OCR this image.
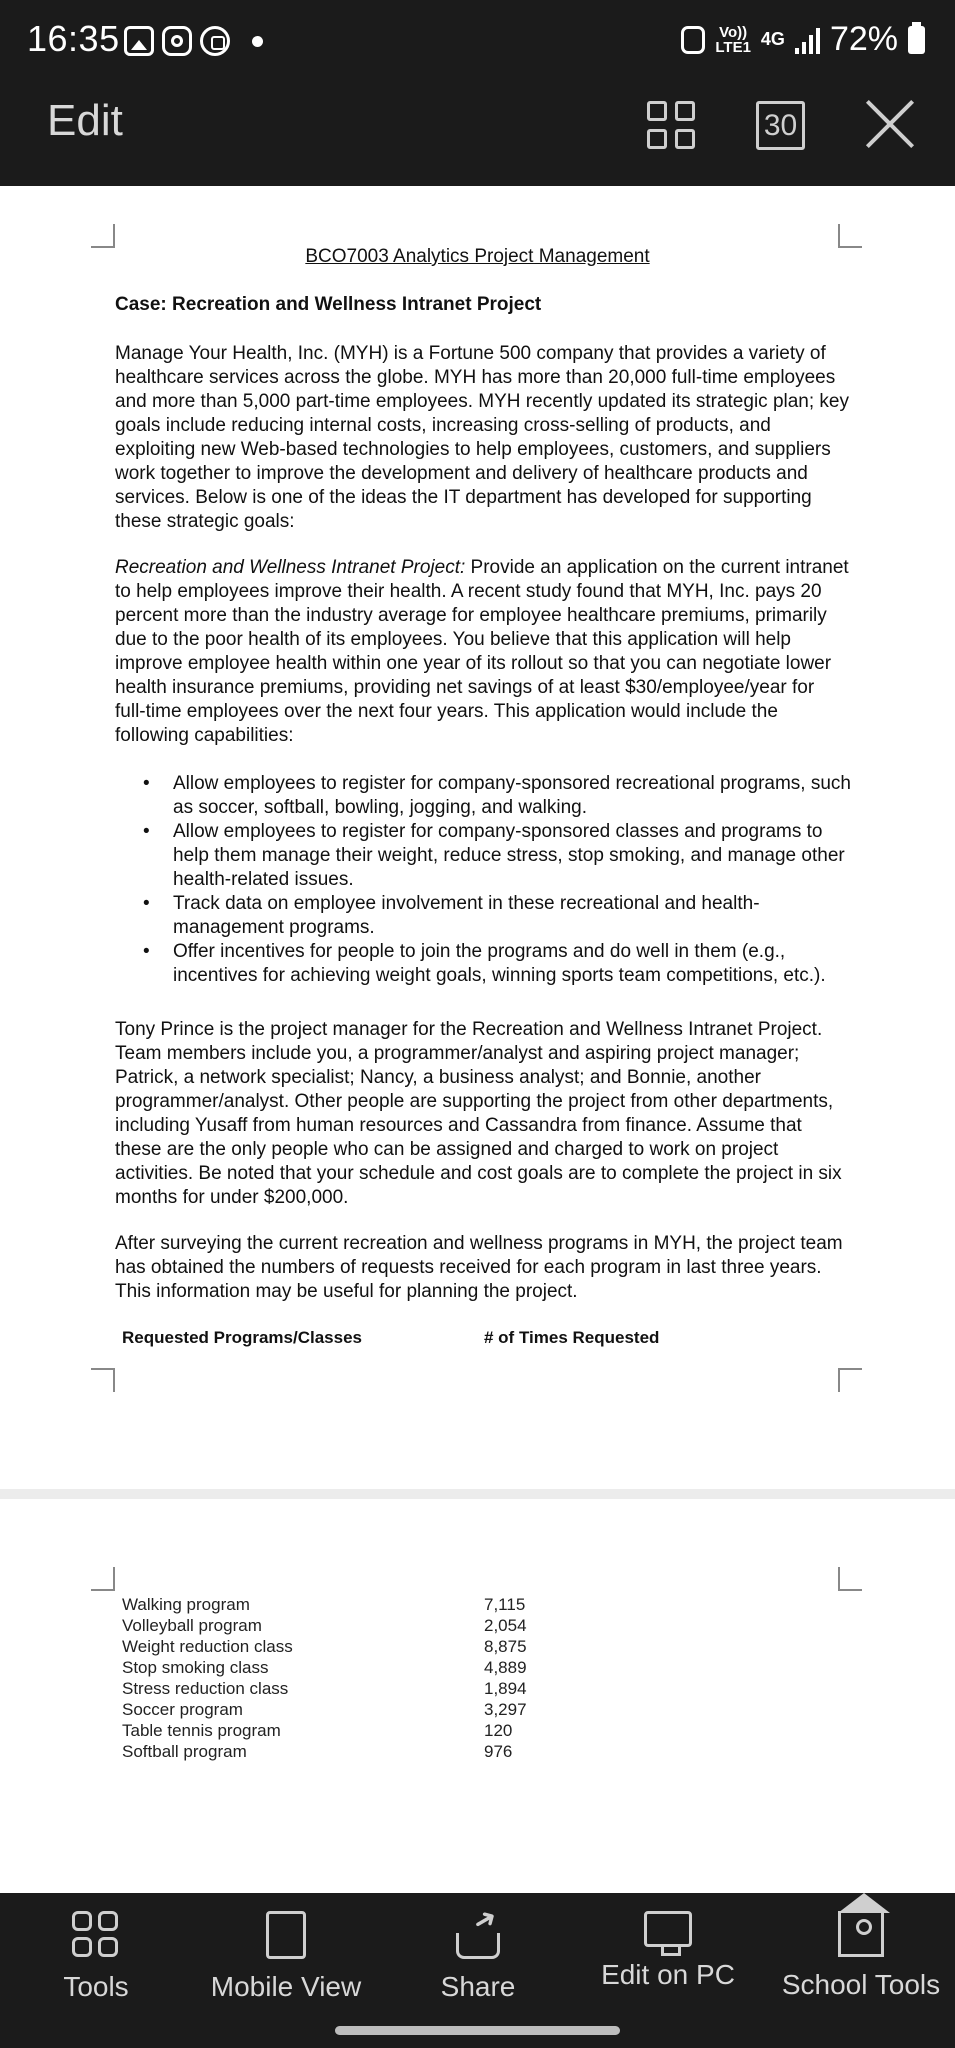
16:35	Vo))
LTE1 4G 72%
Edit	30
BCO7003 Analytics Project Management
Case: Recreation and Wellness Intranet Project
Manage Your Health, Inc. (MYH) is a Fortune 500 company that provides a variety of healthcare services across the globe. MYH has more than 20,000 full-time employees and more than 5,000 part-time employees. MYH recently updated its strategic plan; key goals include reducing internal costs, increasing cross-selling of products, and exploiting new Web-based technologies to help employees, customers, and suppliers work together to improve the development and delivery of healthcare products and services. Below is one of the ideas the IT department has developed for supporting these strategic goals:
Recreation and Wellness Intranet Project: Provide an application on the current intranet to help employees improve their health. A recent study found that MYH, Inc. pays 20 percent more than the industry average for employee healthcare premiums, primarily due to the poor health of its employees. You believe that this application will help improve employee health within one year of its rollout so that you can negotiate lower health insurance premiums, providing net savings of at least $30/employee/year for full-time employees over the next four years. This application would include the following capabilities:
• Allow employees to register for company-sponsored recreational programs, such as soccer, softball, bowling, jogging, and walking.
• Allow employees to register for company-sponsored classes and programs to help them manage their weight, reduce stress, stop smoking, and manage other health-related issues.
• Track data on employee involvement in these recreational and health-management programs.
• Offer incentives for people to join the programs and do well in them (e.g., incentives for achieving weight goals, winning sports team competitions, etc.).
Tony Prince is the project manager for the Recreation and Wellness Intranet Project. Team members include you, a programmer/analyst and aspiring project manager; Patrick, a network specialist; Nancy, a business analyst; and Bonnie, another programmer/analyst. Other people are supporting the project from other departments, including Yusaff from human resources and Cassandra from finance. Assume that these are the only people who can be assigned and charged to work on project activities. Be noted that your schedule and cost goals are to complete the project in six months for under $200,000.
After surveying the current recreation and wellness programs in MYH, the project team has obtained the numbers of requests received for each program in last three years. This information may be useful for planning the project.
Requested Programs/Classes	# of Times Requested
Walking program	7,115
Volleyball program	2,054
Weight reduction class	8,875
Stop smoking class	4,889
Stress reduction class	1,894
Soccer program	3,297
Table tennis program	120
Softball program	976
Tools	Mobile View
➜	Share	Edit on PC School Tools
